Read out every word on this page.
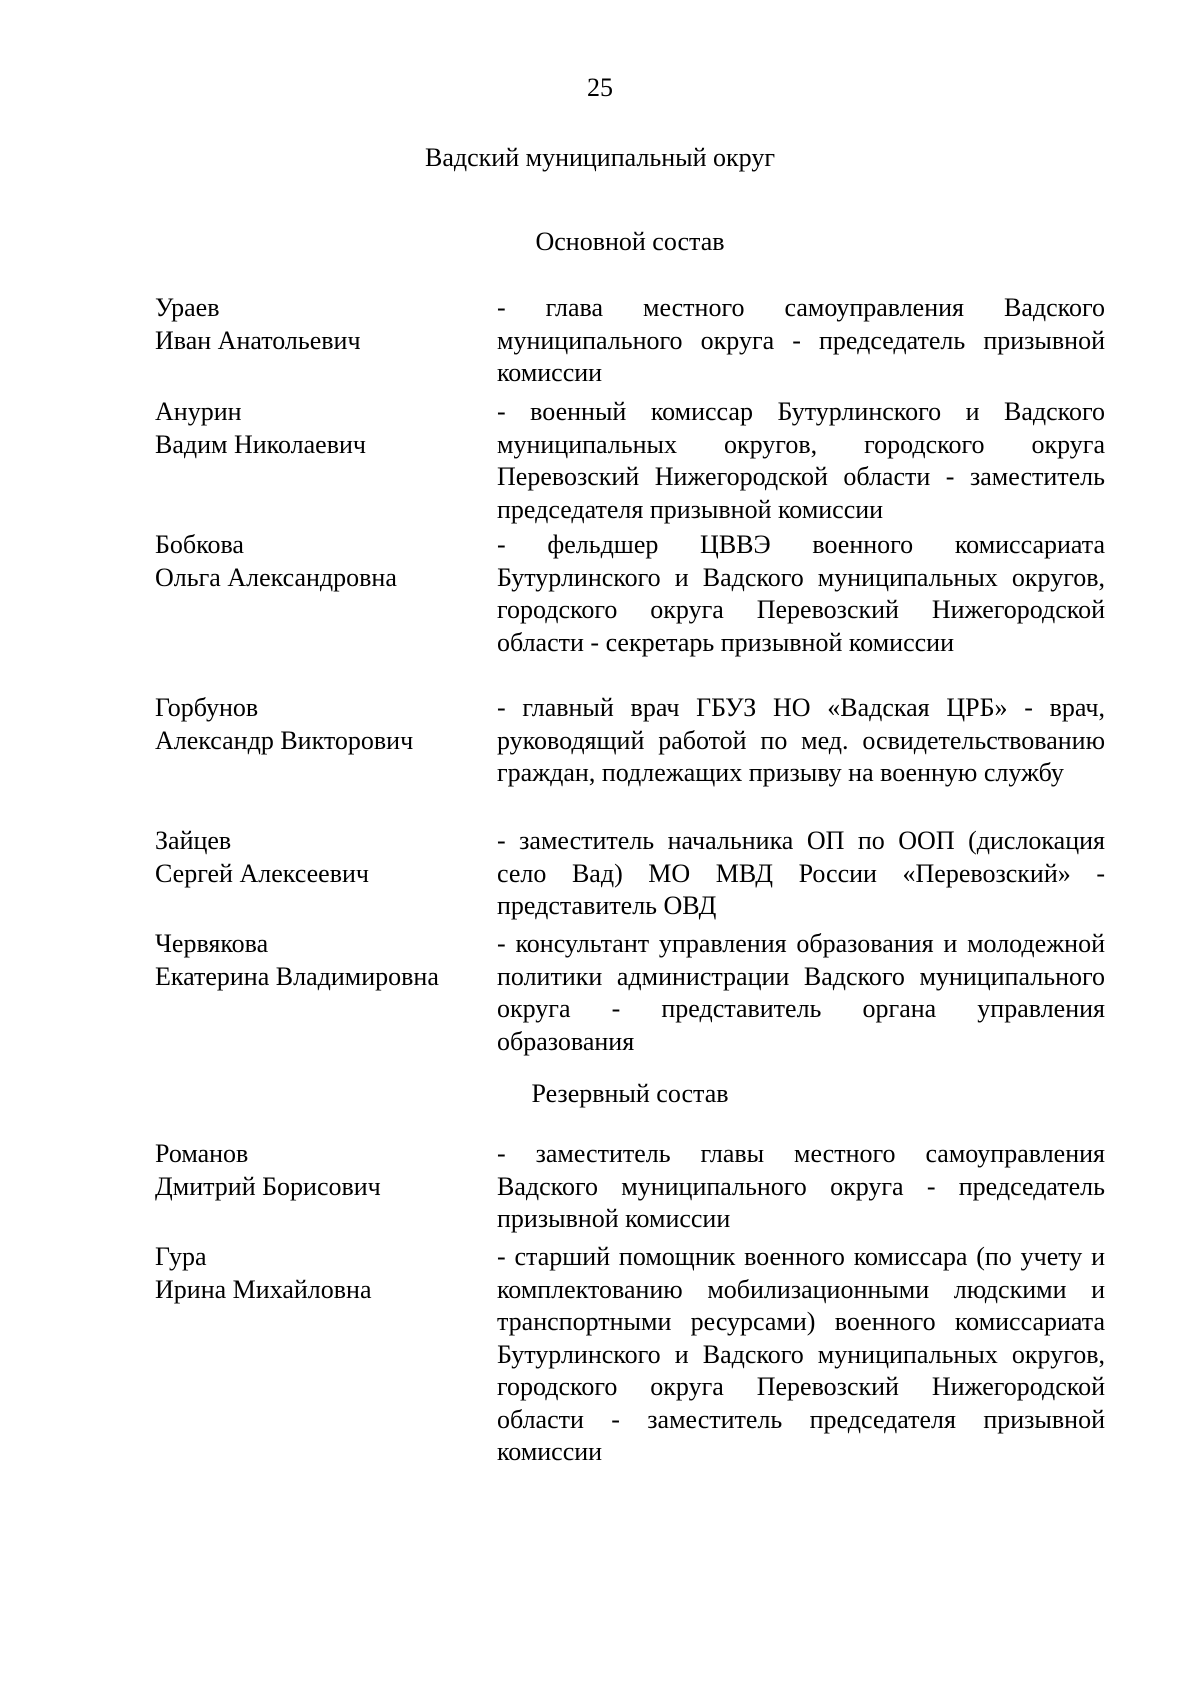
25
Вадский муниципальный округ
Основной состав
Ураев
Иван Анатольевич
- глава местного самоуправления Вадского муниципального округа - председатель призывной комиссии
Анурин
Вадим Николаевич
- военный комиссар Бутурлинского и Вадского муниципальных округов, городского округа Перевозский Нижегородской области - заместитель председателя призывной комиссии
Бобкова
Ольга Александровна
- фельдшер ЦВВЭ военного комиссариата Бутурлинского и Вадского муниципальных округов, городского округа Перевозский Нижегородской области - секретарь призывной комиссии
Горбунов
Александр Викторович
- главный врач ГБУЗ НО «Вадская ЦРБ» - врач, руководящий работой по мед. освидетельствованию граждан, подлежащих призыву на военную службу
Зайцев
Сергей Алексеевич
- заместитель начальника ОП по ООП (дислокация село Вад) МО МВД России «Перевозский» - представитель ОВД
Червякова
Екатерина Владимировна
- консультант управления образования и молодежной политики администрации Вадского муниципального округа - представитель органа управления образования
Резервный состав
Романов
Дмитрий Борисович
- заместитель главы местного самоуправления Вадского муниципального округа - председатель призывной комиссии
Гура
Ирина Михайловна
- старший помощник военного комиссара (по учету и комплектованию мобилизационными людскими и транспортными ресурсами) военного комиссариата Бутурлинского и Вадского муниципальных округов, городского округа Перевозский Нижегородской области - заместитель председателя призывной комиссии
